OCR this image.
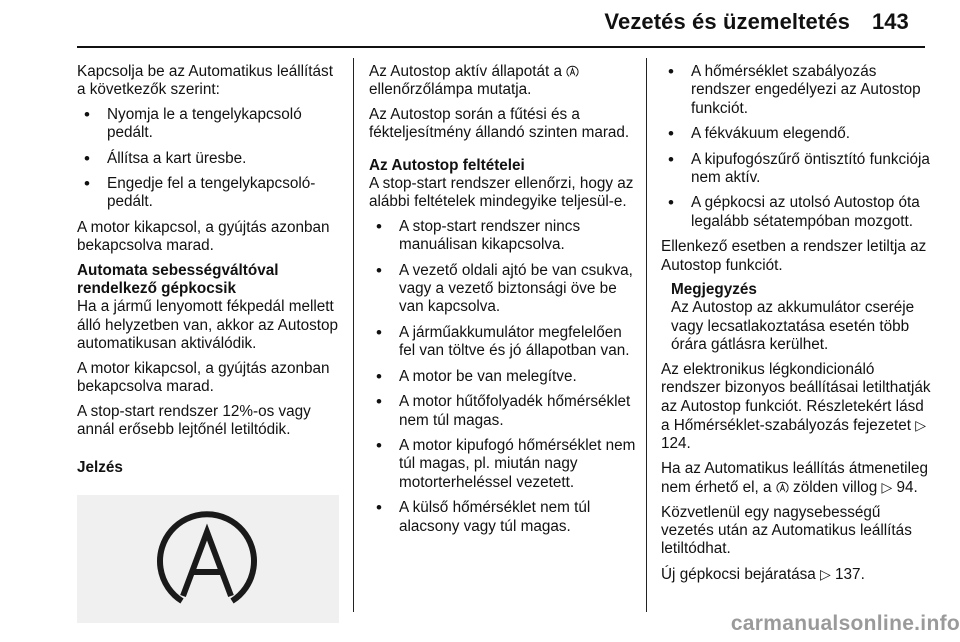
Vezetés és üzemeltetés 143

Kapcsolja be az Automatikus leállítást a következők szerint:

• Nyomja le a tengelykapcsoló pedált.
• Állítsa a kart üresbe.
• Engedje fel a tengelykapcsoló-pedált.

A motor kikapcsol, a gyújtás azonban bekapcsolva marad.

Automata sebességváltóval rendelkező gépkocsik

Ha a jármű lenyomott fékpedál mellett álló helyzetben van, akkor az Autostop automatikusan aktiválódik.

A motor kikapcsol, a gyújtás azonban bekapcsolva marad.

A stop-start rendszer 12%-os vagy annál erősebb lejtőnél letiltódik.

Jelzés

Az Autostop aktív állapotát a  ellenőrzőlámpa mutatja.

Az Autostop során a fűtési és a fékteljesítmény állandó szinten marad.

Az Autostop feltételei

A stop-start rendszer ellenőrzi, hogy az alábbi feltételek mindegyike teljesül-e.

• A stop-start rendszer nincs manuálisan kikapcsolva.
• A vezető oldali ajtó be van csukva, vagy a vezető biztonsági öve be van kapcsolva.
• A járműakkumulátor megfelelően fel van töltve és jó állapotban van.
• A motor be van melegítve.
• A motor hűtőfolyadék hőmérséklet nem túl magas.
• A motor kipufogó hőmérséklet nem túl magas, pl. miután nagy motorterheléssel vezetett.
• A külső hőmérséklet nem túl alacsony vagy túl magas.
• A hőmérséklet szabályozás rendszer engedélyezi az Autostop funkciót.
• A fékvákuum elegendő.
• A kipufogószűrő öntisztító funkciója nem aktív.
• A gépkocsi az utolsó Autostop óta legalább sétatempóban mozgott.

Ellenkező esetben a rendszer letiltja az Autostop funkciót.

Megjegyzés
Az Autostop az akkumulátor cseréje vagy lecsatlakoztatása esetén több órára gátlásra kerülhet.

Az elektronikus légkondicionáló rendszer bizonyos beállításai letilthatják az Autostop funkciót. Részletekért lásd a Hőmérséklet-szabályozás fejezetet ▷ 124.

Ha az Automatikus leállítás átmenetileg nem érhető el, a zölden villog ▷ 94.

Közvetlenül egy nagysebességű vezetés után az Automatikus leállítás letiltódhat.

Új gépkocsi bejáratása ▷ 137.

carmanualsonline.info
